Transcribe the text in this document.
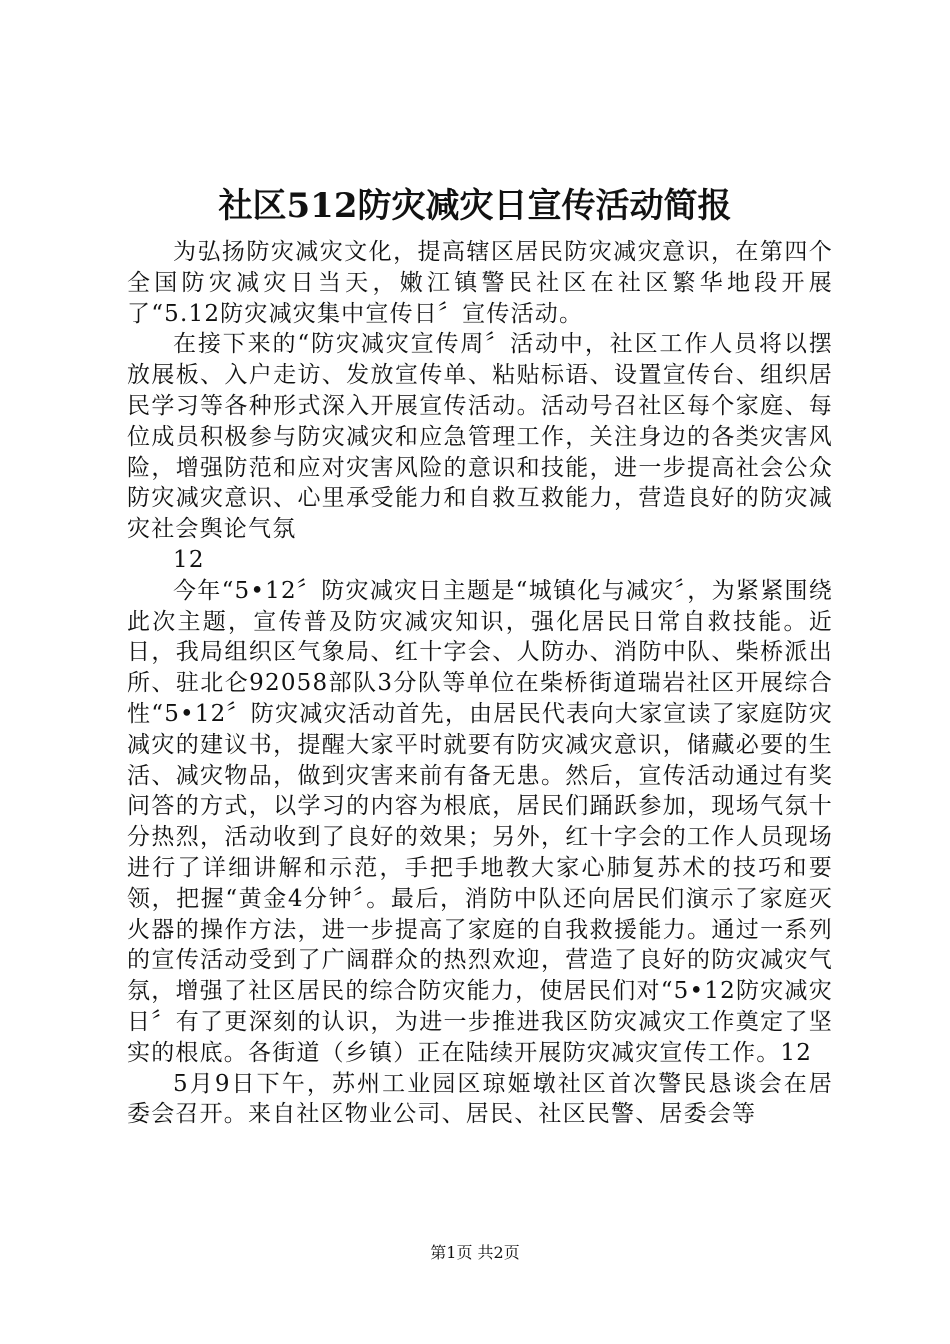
社区512防灾减灾日宣传活动简报

为弘扬防灾减灾文化，提高辖区居民防灾减灾意识，在第四个全国防灾减灾日当天，嫩江镇警民社区在社区繁华地段开展了“5.12防灾减灾集中宣传日〞宣传活动。

在接下来的“防灾减灾宣传周〞活动中，社区工作人员将以摆放展板、入户走访、发放宣传单、粘贴标语、设置宣传台、组织居民学习等各种形式深入开展宣传活动。活动号召社区每个家庭、每位成员积极参与防灾减灾和应急管理工作，关注身边的各类灾害风险，增强防范和应对灾害风险的意识和技能，进一步提高社会公众防灾减灾意识、心里承受能力和自救互救能力，营造良好的防灾减灾社会舆论气氛

12

今年“5•12〞防灾减灾日主题是“城镇化与减灾〞，为紧紧围绕此次主题，宣传普及防灾减灾知识，强化居民日常自救技能。近日，我局组织区气象局、红十字会、人防办、消防中队、柴桥派出所、驻北仑92058部队3分队等单位在柴桥街道瑞岩社区开展综合性“5•12〞防灾减灾活动首先，由居民代表向大家宣读了家庭防灾减灾的建议书，提醒大家平时就要有防灾减灾意识，储藏必要的生活、减灾物品，做到灾害来前有备无患。然后，宣传活动通过有奖问答的方式，以学习的内容为根底，居民们踊跃参加，现场气氛十分热烈，活动收到了良好的效果；另外，红十字会的工作人员现场进行了详细讲解和示范，手把手地教大家心肺复苏术的技巧和要领，把握“黄金4分钟〞。最后，消防中队还向居民们演示了家庭灭火器的操作方法，进一步提高了家庭的自我救援能力。通过一系列的宣传活动受到了广阔群众的热烈欢迎，营造了良好的防灾减灾气氛，增强了社区居民的综合防灾能力，使居民们对“5•12防灾减灾日〞有了更深刻的认识，为进一步推进我区防灾减灾工作奠定了坚实的根底。各街道（乡镇）正在陆续开展防灾减灾宣传工作。12

5月9日下午，苏州工业园区琼姬墩社区首次警民恳谈会在居委会召开。来自社区物业公司、居民、社区民警、居委会等

第1页 共2页
